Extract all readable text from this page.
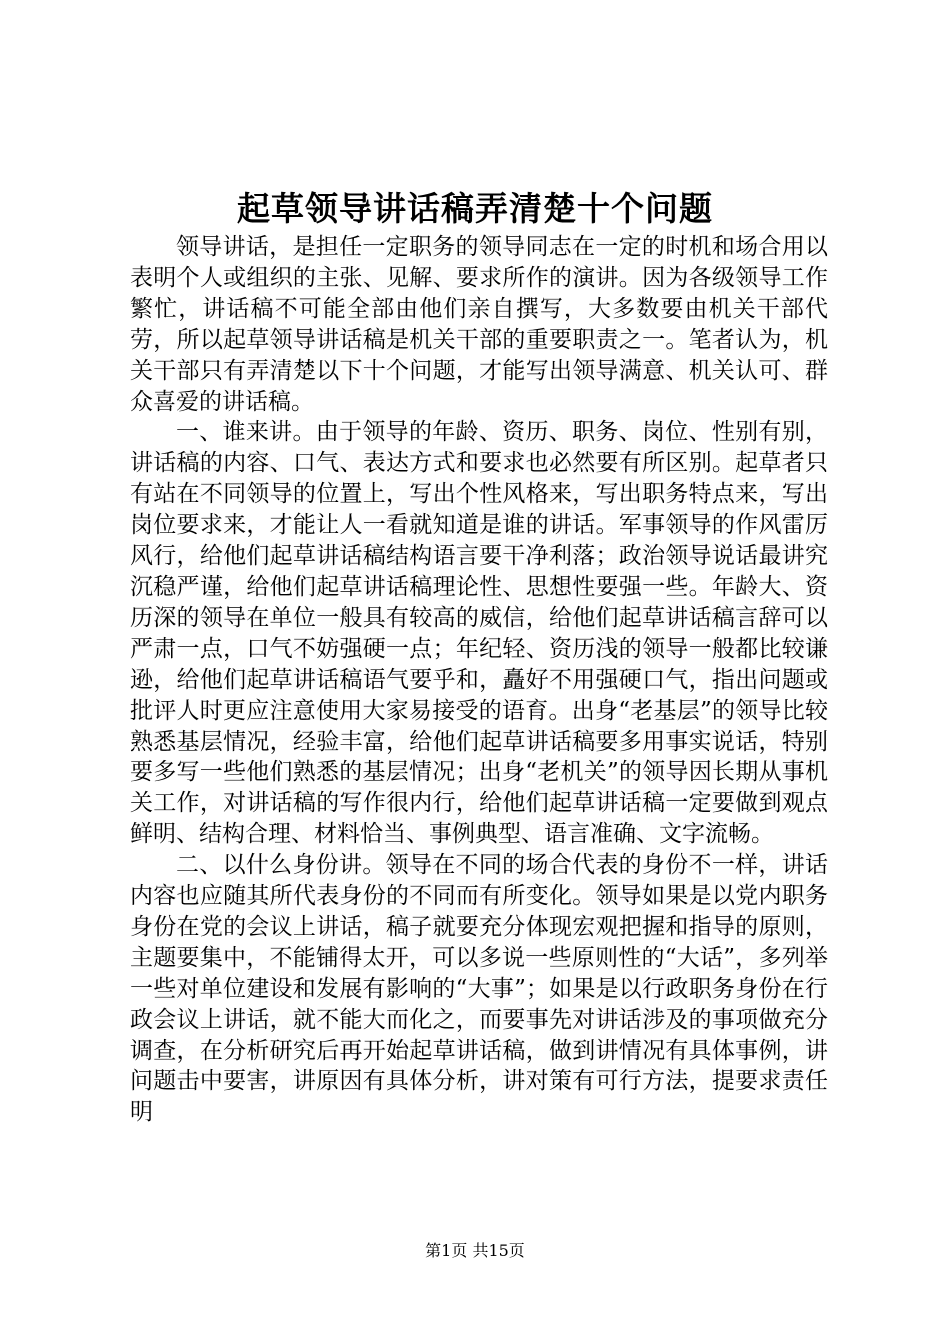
起草领导讲话稿弄清楚十个问题

领导讲话，是担任一定职务的领导同志在一定的时机和场合用以表明个人或组织的主张、见解、要求所作的演讲。因为各级领导工作繁忙，讲话稿不可能全部由他们亲自撰写，大多数要由机关干部代劳，所以起草领导讲话稿是机关干部的重要职责之一。笔者认为，机关干部只有弄清楚以下十个问题，才能写出领导满意、机关认可、群众喜爱的讲话稿。

一、谁来讲。由于领导的年龄、资历、职务、岗位、性别有别，讲话稿的内容、口气、表达方式和要求也必然要有所区别。起草者只有站在不同领导的位置上，写出个性风格来，写出职务特点来，写出岗位要求来，才能让人一看就知道是谁的讲话。军事领导的作风雷厉风行，给他们起草讲话稿结构语言要干净利落；政治领导说话最讲究沉稳严谨，给他们起草讲话稿理论性、思想性要强一些。年龄大、资历深的领导在单位一般具有较高的威信，给他们起草讲话稿言辞可以严肃一点，口气不妨强硬一点；年纪轻、资历浅的领导一般都比较谦逊，给他们起草讲话稿语气要乎和，矗好不用强硬口气，指出问题或批评人时更应注意使用大家易接受的语育。出身“老基层”的领导比较熟悉基层情况，经验丰富，给他们起草讲话稿要多用事实说话，特别要多写一些他们熟悉的基层情况；出身“老机关”的领导因长期从事机关工作，对讲话稿的写作很内行，给他们起草讲话稿一定要做到观点鲜明、结构合理、材料恰当、事例典型、语言准确、文字流畅。

二、以什么身份讲。领导在不同的场合代表的身份不一样，讲话内容也应随其所代表身份的不同而有所变化。领导如果是以党内职务身份在党的会议上讲话，稿子就要充分体现宏观把握和指导的原则，主题要集中，不能铺得太开，可以多说一些原则性的“大话”，多列举一些对单位建设和发展有影响的“大事”；如果是以行政职务身份在行政会议上讲话，就不能大而化之，而要事先对讲话涉及的事项做充分调查，在分析研究后再开始起草讲话稿，做到讲情况有具体事例，讲问题击中要害，讲原因有具体分析，讲对策有可行方法，提要求责任明

第1页 共15页
